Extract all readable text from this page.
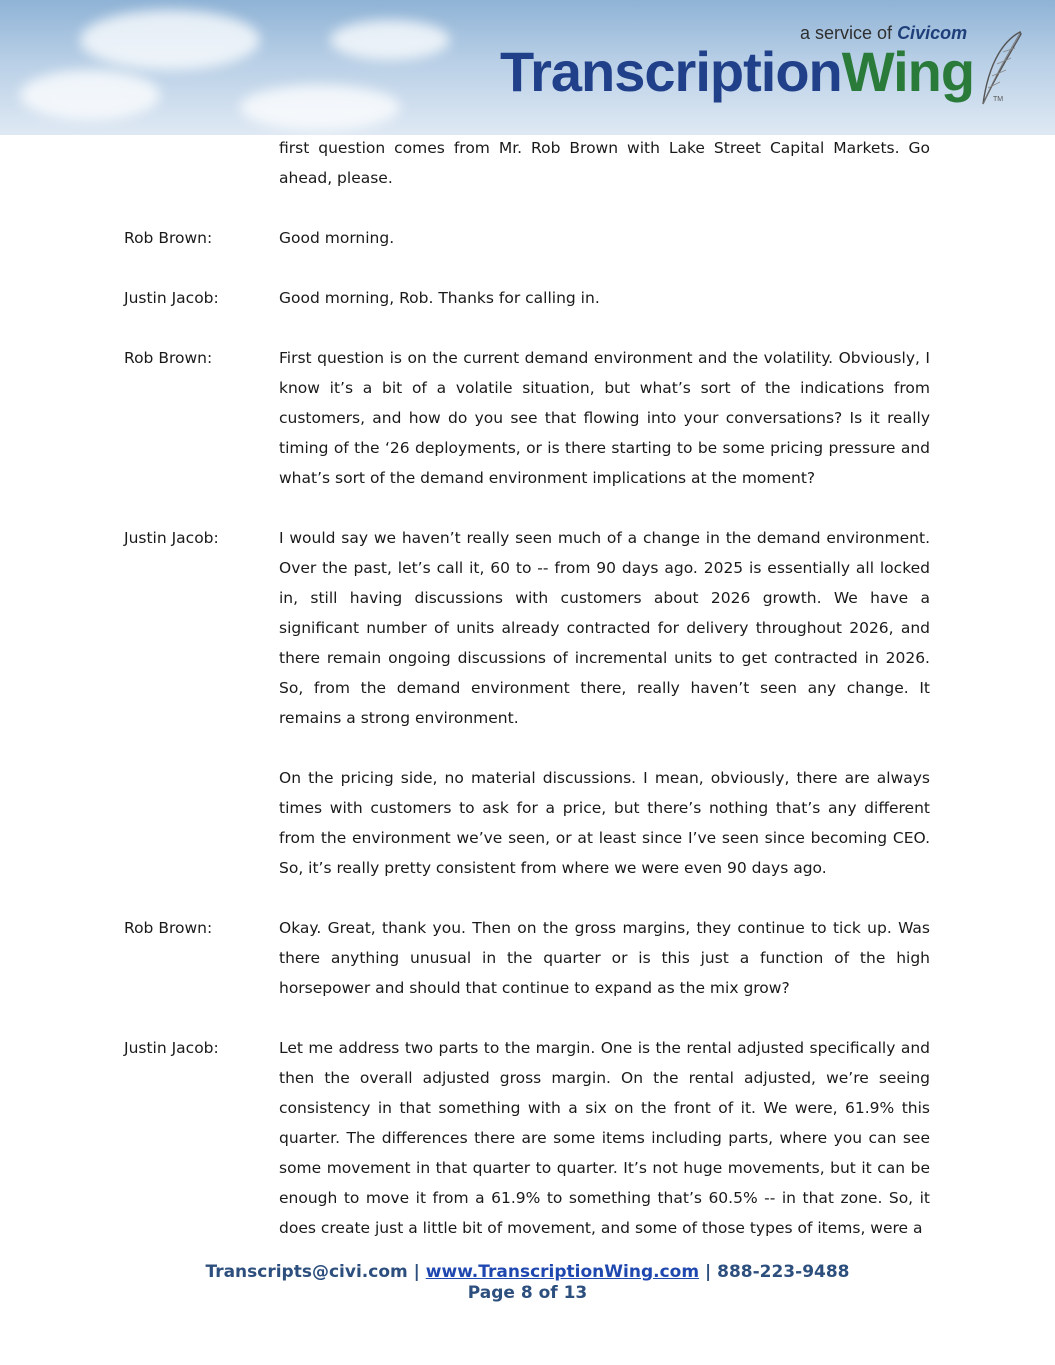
a service of Civicom
TranscriptionWing	TM
first question comes from Mr. Rob Brown with Lake Street Capital Markets. Go ahead, please.
Rob Brown:	Good morning.
Justin Jacob:	Good morning, Rob. Thanks for calling in.
Rob Brown:	First question is on the current demand environment and the volatility. Obviously, I know it’s a bit of a volatile situation, but what’s sort of the indications from customers, and how do you see that flowing into your conversations? Is it really timing of the ‘26 deployments, or is there starting to be some pricing pressure and what’s sort of the demand environment implications at the moment?
Justin Jacob:	I would say we haven’t really seen much of a change in the demand environment. Over the past, let’s call it, 60 to -- from 90 days ago. 2025 is essentially all locked in, still having discussions with customers about 2026 growth. We have a significant number of units already contracted for delivery throughout 2026, and there remain ongoing discussions of incremental units to get contracted in 2026. So, from the demand environment there, really haven’t seen any change. It remains a strong environment.
On the pricing side, no material discussions. I mean, obviously, there are always times with customers to ask for a price, but there’s nothing that’s any different from the environment we’ve seen, or at least since I’ve seen since becoming CEO. So, it’s really pretty consistent from where we were even 90 days ago.
Rob Brown:	Okay. Great, thank you. Then on the gross margins, they continue to tick up. Was there anything unusual in the quarter or is this just a function of the high horsepower and should that continue to expand as the mix grow?
Justin Jacob:	Let me address two parts to the margin. One is the rental adjusted specifically and then the overall adjusted gross margin. On the rental adjusted, we’re seeing consistency in that something with a six on the front of it. We were, 61.9% this quarter. The differences there are some items including parts, where you can see some movement in that quarter to quarter. It’s not huge movements, but it can be enough to move it from a 61.9% to something that’s 60.5% -- in that zone. So, it does create just a little bit of movement, and some of those types of items, were a
Transcripts@civi.com | www.TranscriptionWing.com | 888-223-9488
Page 8 of 13
